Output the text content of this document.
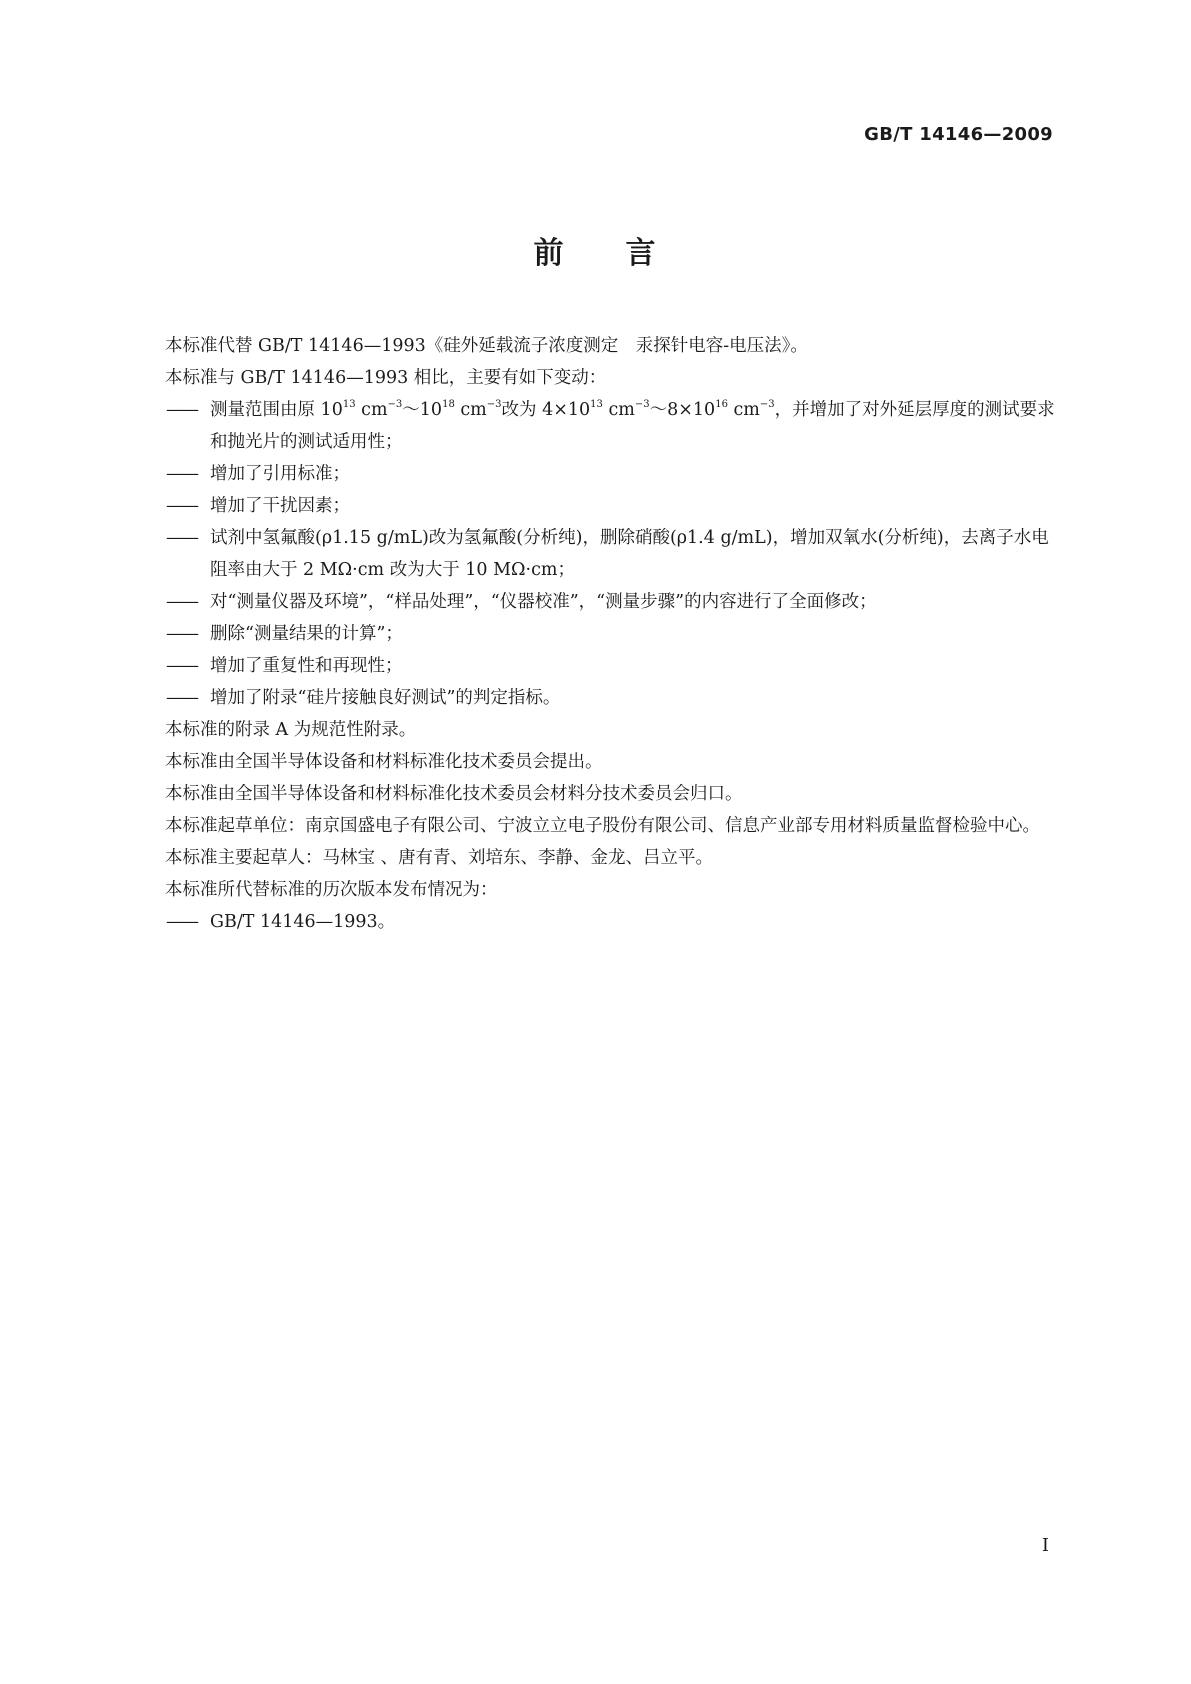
GB/T 14146—2009
前 言

本标准代替 GB/T 14146—1993《硅外延载流子浓度测定　汞探针电容-电压法》。

本标准与 GB/T 14146—1993 相比，主要有如下变动：

—— 测量范围由原 $10^{13}$ $cm^{-3}\sim 10^{18}$ $cm^{-3}$改为 $4\times 10^{13}$ $cm^{-3}\sim 8\times 10^{16}$ $cm^{-3}$，并增加了对外延层厚度的测试要求和抛光片的测试适用性；

—— 增加了引用标准；

—— 增加了干扰因素；

—— 试剂中氢氟酸(ρ1.15 g/mL)改为氢氟酸(分析纯)，删除硝酸(ρ1.4 g/mL)，增加双氧水(分析纯)，去离子水电阻率由大于 2 MΩ·cm 改为大于 10 MΩ·cm；

—— 对“测量仪器及环境”，“样品处理”，“仪器校准”，“测量步骤”的内容进行了全面修改；

—— 删除“测量结果的计算”；

—— 增加了重复性和再现性；

—— 增加了附录“硅片接触良好测试”的判定指标。

本标准的附录 A 为规范性附录。

本标准由全国半导体设备和材料标准化技术委员会提出。

本标准由全国半导体设备和材料标准化技术委员会材料分技术委员会归口。

本标准起草单位：南京国盛电子有限公司、宁波立立电子股份有限公司、信息产业部专用材料质量监督检验中心。

本标准主要起草人：马林宝 、唐有青、刘培东、李静、金龙、吕立平。

本标准所代替标准的历次版本发布情况为：

—— GB/T 14146—1993。

I
